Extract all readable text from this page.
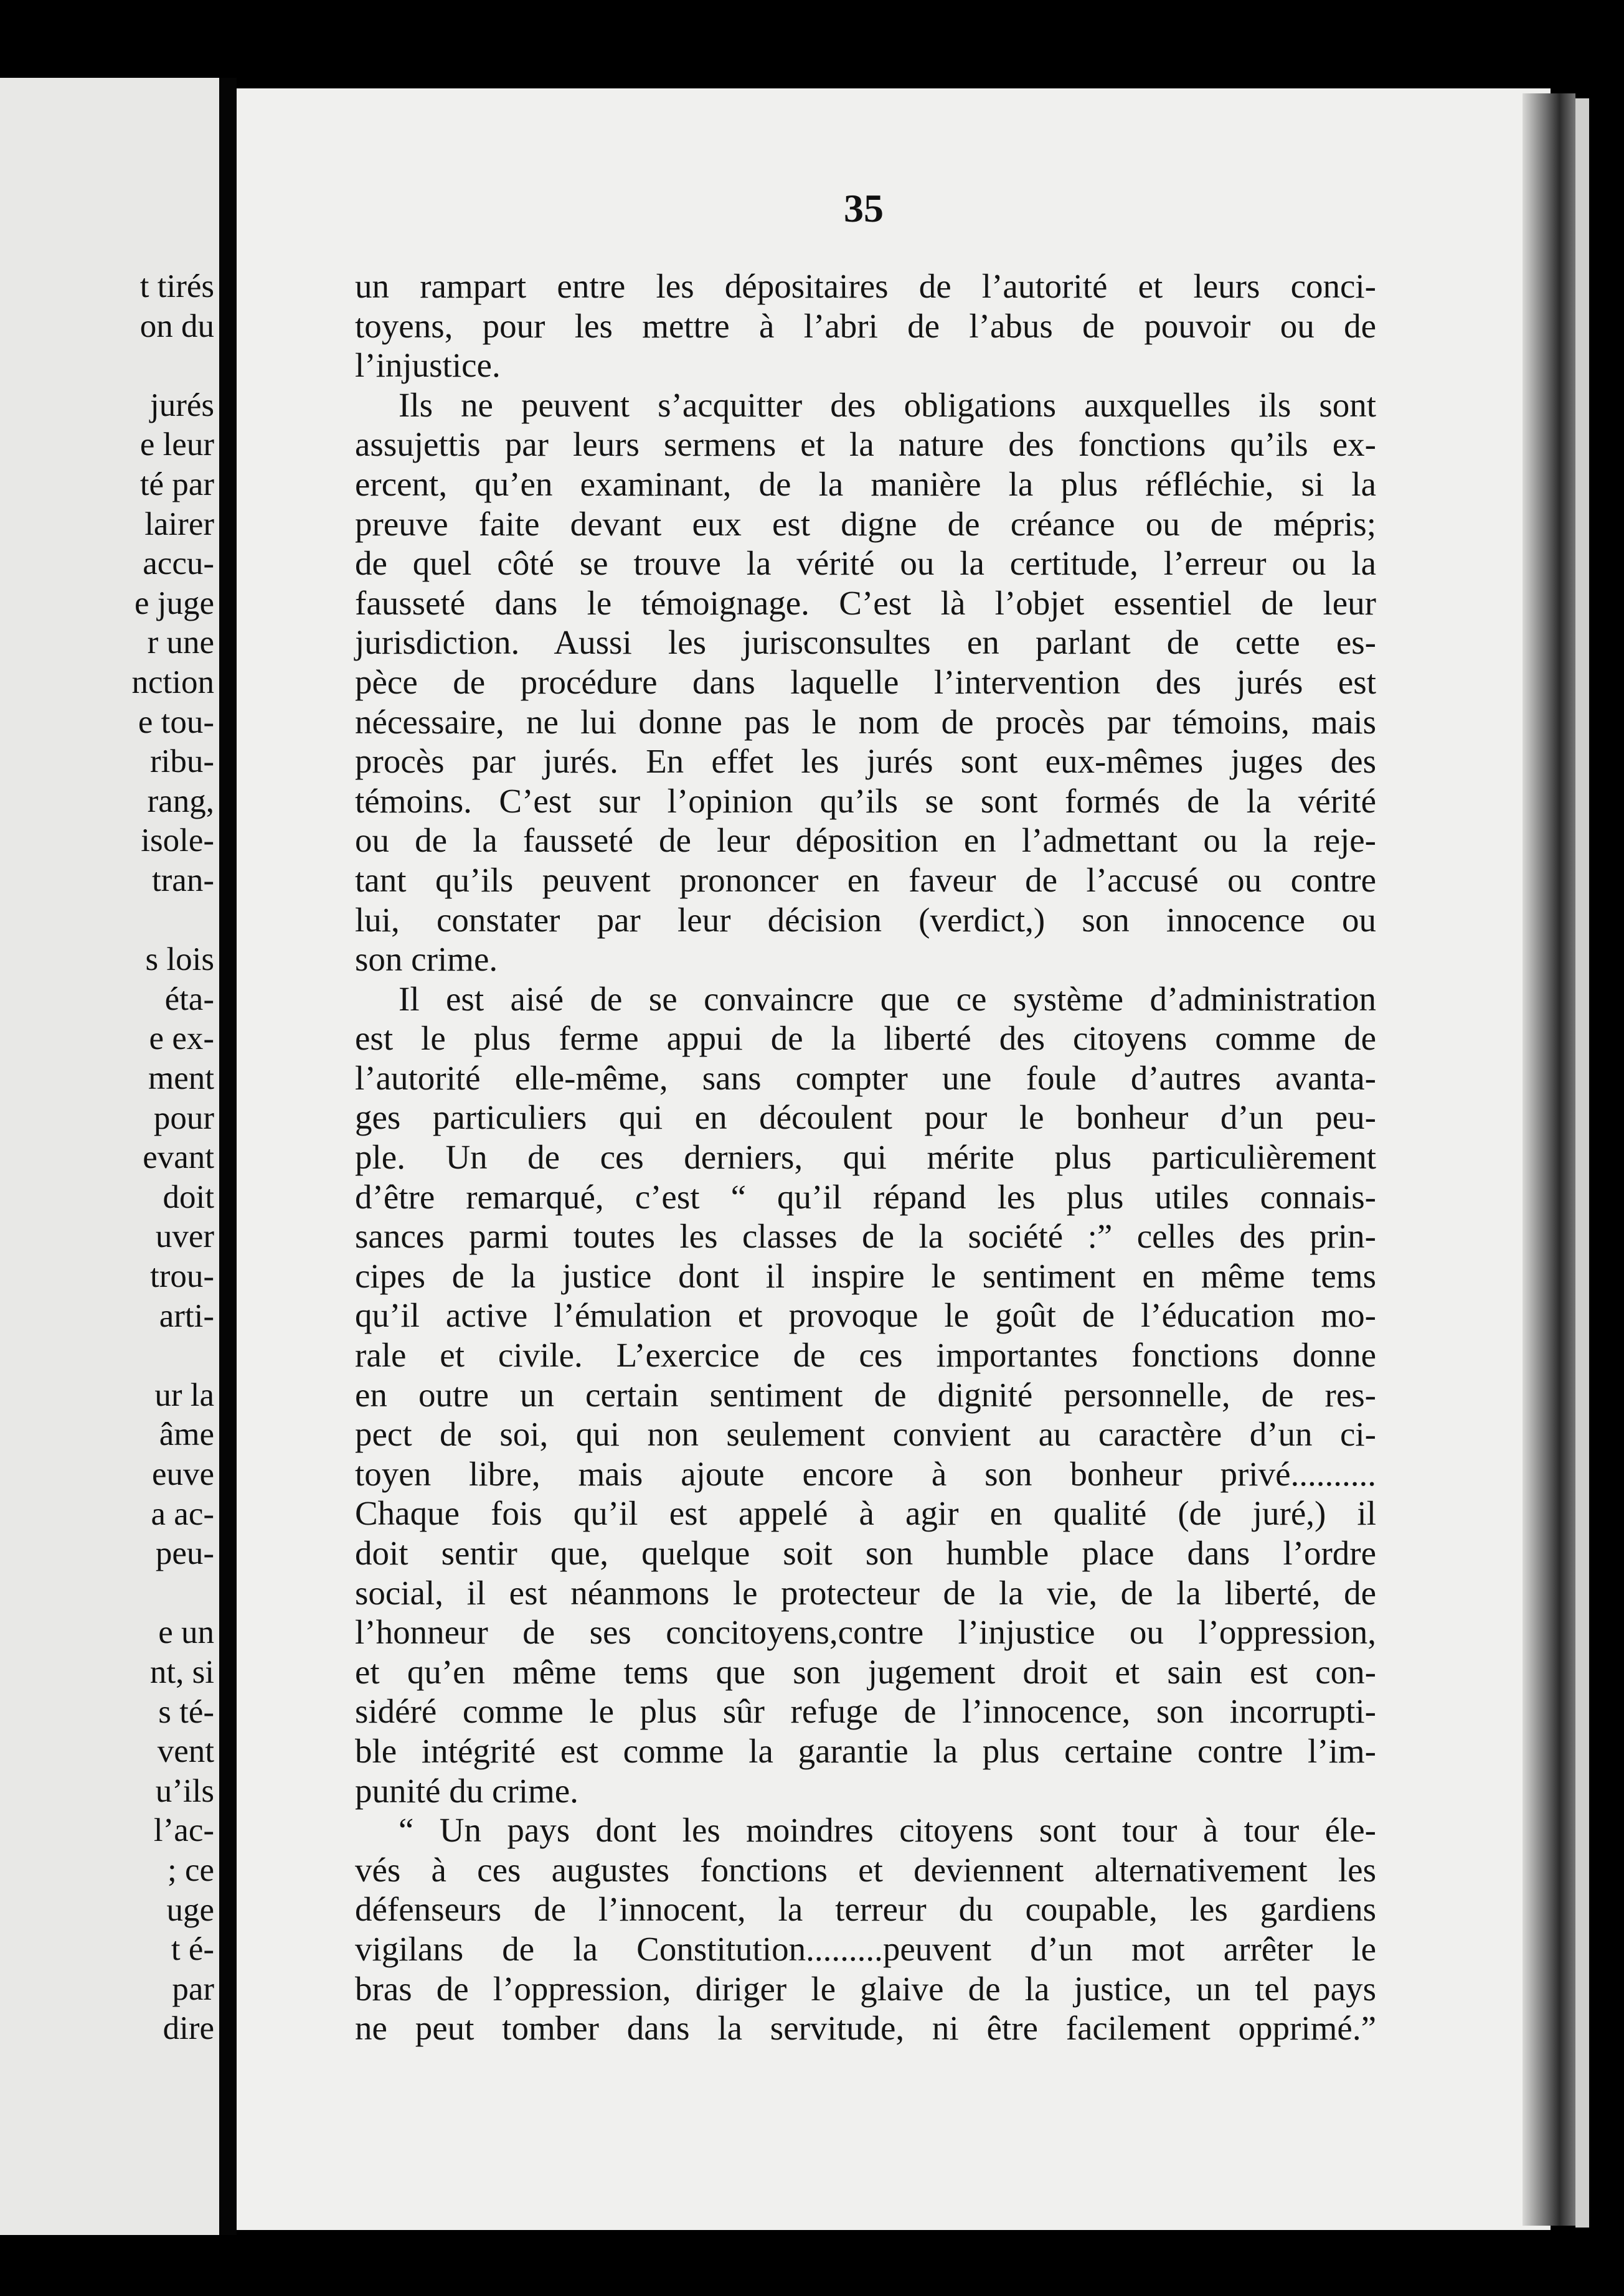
t tirés
on du
jurés
e leur
té par
lairer
accu-
e juge
r une
nction
e tou-
ribu-
rang,
isole-
tran-
s lois
éta-
e ex-
ment
pour
evant
doit
uver
trou-
arti-
ur la
âme
euve
a ac-
peu-
e un
nt, si
s té-
vent
u’ils
l’ac-
; ce
uge
t é-
par
dire
35
un rampart entre les dépositaires de l’autorité et leurs conci-
toyens, pour les mettre à l’abri de l’abus de pouvoir ou de
l’injustice.
Ils ne peuvent s’acquitter des obligations auxquelles ils sont
assujettis par leurs sermens et la nature des fonctions qu’ils ex-
ercent, qu’en examinant, de la manière la plus réfléchie, si la
preuve faite devant eux est digne de créance ou de mépris;
de quel côté se trouve la vérité ou la certitude, l’erreur ou la
fausseté dans le témoignage. C’est là l’objet essentiel de leur
jurisdiction. Aussi les jurisconsultes en parlant de cette es-
pèce de procédure dans laquelle l’intervention des jurés est
nécessaire, ne lui donne pas le nom de procès par témoins, mais
procès par jurés. En effet les jurés sont eux-mêmes juges des
témoins. C’est sur l’opinion qu’ils se sont formés de la vérité
ou de la fausseté de leur déposition en l’admettant ou la reje-
tant qu’ils peuvent prononcer en faveur de l’accusé ou contre
lui, constater par leur décision (verdict,) son innocence ou
son crime.
Il est aisé de se convaincre que ce système d’administration
est le plus ferme appui de la liberté des citoyens comme de
l’autorité elle-même, sans compter une foule d’autres avanta-
ges particuliers qui en découlent pour le bonheur d’un peu-
ple. Un de ces derniers, qui mérite plus particulièrement
d’être remarqué, c’est “ qu’il répand les plus utiles connais-
sances parmi toutes les classes de la société :” celles des prin-
cipes de la justice dont il inspire le sentiment en même tems
qu’il active l’émulation et provoque le goût de l’éducation mo-
rale et civile. L’exercice de ces importantes fonctions donne
en outre un certain sentiment de dignité personnelle, de res-
pect de soi, qui non seulement convient au caractère d’un ci-
toyen libre, mais ajoute encore à son bonheur privé..........
Chaque fois qu’il est appelé à agir en qualité (de juré,) il
doit sentir que, quelque soit son humble place dans l’ordre
social, il est néanmons le protecteur de la vie, de la liberté, de
l’honneur de ses concitoyens,contre l’injustice ou l’oppression,
et qu’en même tems que son jugement droit et sain est con-
sidéré comme le plus sûr refuge de l’innocence, son incorrupti-
ble intégrité est comme la garantie la plus certaine contre l’im-
punité du crime.
“ Un pays dont les moindres citoyens sont tour à tour éle-
vés à ces augustes fonctions et deviennent alternativement les
défenseurs de l’innocent, la terreur du coupable, les gardiens
vigilans de la Constitution.........peuvent d’un mot arrêter le
bras de l’oppression, diriger le glaive de la justice, un tel pays
ne peut tomber dans la servitude, ni être facilement opprimé.”
